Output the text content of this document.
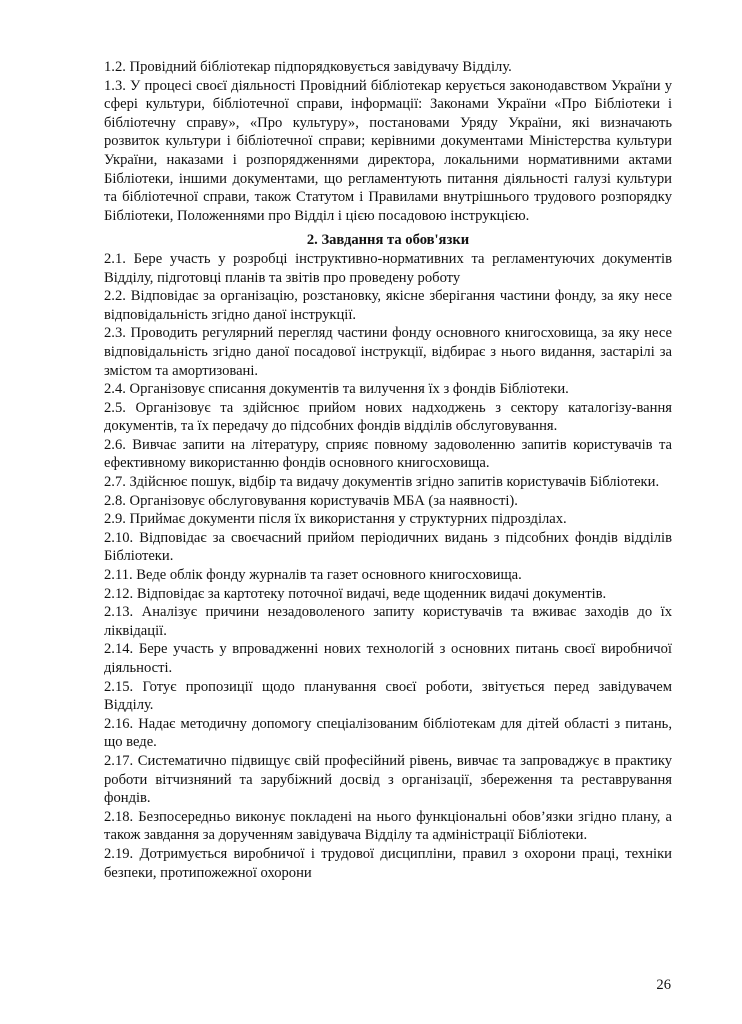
1.2. Провідний бібліотекар підпорядковується завідувачу Відділу.

1.3. У процесі своєї діяльності Провідний бібліотекар керується законодавством України у сфері культури, бібліотечної справи, інформації: Законами України «Про Бібліотеки і бібліотечну справу», «Про культуру», постановами Уряду України, які визначають розвиток культури і бібліотечної справи; керівними документами Міністерства культури України, наказами і розпорядженнями директора, локальними нормативними актами Бібліотеки, іншими документами, що регламентують питання діяльності галузі культури та бібліотечної справи, також Статутом і Правилами внутрішнього трудового розпорядку Бібліотеки, Положеннями про Відділ і цією посадовою інструкцією.

2. Завдання та обов'язки

2.1. Бере участь у розробці інструктивно-нормативних та регламентуючих документів Відділу, підготовці планів та звітів про проведену роботу

2.2. Відповідає за організацію, розстановку, якісне зберігання частини фонду, за яку несе відповідальність згідно даної інструкції.

2.3. Проводить регулярний перегляд частини фонду основного книгосховища, за яку несе відповідальність згідно даної посадової інструкції, відбирає з нього видання, застарілі за змістом та амортизовані.

2.4. Організовує списання документів та вилучення їх з фондів Бібліотеки.

2.5. Організовує та здійснює прийом нових надходжень з сектору каталогізу-вання документів, та їх передачу до підсобних фондів відділів обслуговування.

2.6. Вивчає запити на літературу, сприяє повному задоволенню запитів користувачів та ефективному використанню фондів основного книгосховища.

2.7. Здійснює пошук, відбір та видачу документів згідно запитів користувачів Бібліотеки.

2.8. Організовує обслуговування користувачів МБА (за наявності).

2.9. Приймає документи після їх використання у структурних підрозділах.

2.10. Відповідає за своєчасний прийом періодичних видань з підсобних фондів відділів Бібліотеки.

2.11. Веде облік фонду журналів та газет основного книгосховища.

2.12. Відповідає за картотеку поточної видачі, веде щоденник видачі документів.

2.13. Аналізує причини незадоволеного запиту користувачів та вживає заходів до їх ліквідації.

2.14. Бере участь у впровадженні нових технологій з основних питань своєї виробничої діяльності.

2.15. Готує пропозиції щодо планування своєї роботи, звітується перед завідувачем Відділу.

2.16. Надає методичну допомогу спеціалізованим бібліотекам для дітей області з питань, що веде.

2.17. Систематично підвищує свій професійний рівень, вивчає та запроваджує в практику роботи вітчизняний та зарубіжний досвід з організації, збереження та реставрування фондів.

2.18. Безпосередньо виконує покладені на нього функціональні обов’язки згідно плану, а також завдання за дорученням завідувача Відділу та адміністрації Бібліотеки.

2.19. Дотримується виробничої і трудової дисципліни, правил з охорони праці, техніки безпеки, протипожежної охорони

26
